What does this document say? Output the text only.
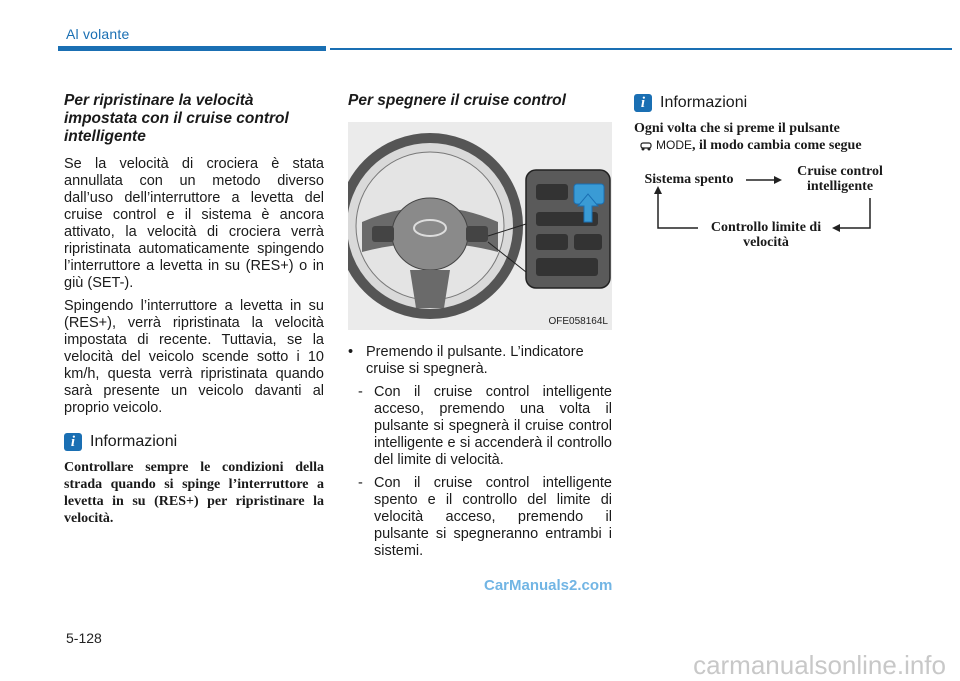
Al volante
Per ripristinare la velocità impostata con il cruise control intelligente
Se la velocità di crociera è stata annullata con un metodo diverso dall’uso dell’interruttore a levetta del cruise control e il sistema è ancora attivato, la velocità di crociera verrà ripristinata automaticamente spingendo l’interruttore a levetta in su (RES+) o in giù (SET-).
Spingendo l’interruttore a levetta in su (RES+), verrà ripristinata la velocità impostata di recente. Tuttavia, se la velocità del veicolo scende sotto i 10 km/h, questa verrà ripristinata quando sarà presente un veicolo davanti al proprio veicolo.
i Informazioni
Controllare sempre le condizioni della strada quando si spinge l’interruttore a levetta in su (RES+) per ripristinare la velocità.
Per spegnere il cruise control
OFE058164L
• Premendo il pulsante. L’indicatore cruise si spegnerà.
- Con il cruise control intelligente acceso, premendo una volta il pulsante si spegnerà il cruise control intelligente e si accenderà il controllo del limite di velocità.
- Con il cruise control intelligente spento e il controllo del limite di velocità acceso, premendo il pulsante si spegneranno entrambi i sistemi.
i Informazioni
Ogni volta che si preme il pulsante
MODE, il modo cambia come segue
Sistema spento
Cruise control intelligente
Controllo limite di velocità
CarManuals2.com
5-128
carmanualsonline.info
